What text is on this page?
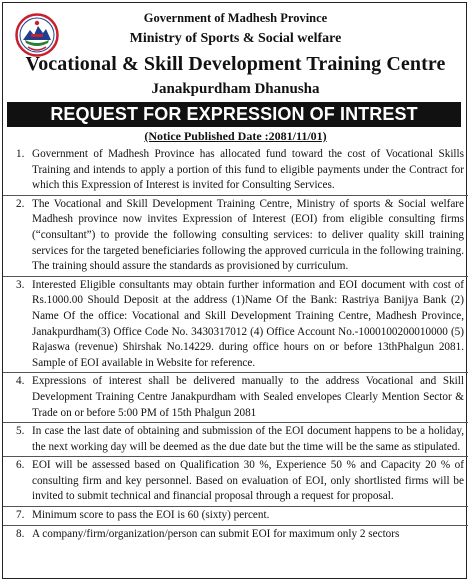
Government of Madhesh Province
Ministry of Sports & Social welfare
Vocational & Skill Development Training Centre
Janakpurdham Dhanusha
REQUEST FOR EXPRESSION OF INTREST
(Notice Published Date :2081/11/01)
1. Government of Madhesh Province has allocated fund toward the cost of Vocational Skills Training and intends to apply a portion of this fund to eligible payments under the Contract for which this Expression of Interest is invited for Consulting Services.
2. The Vocational and Skill Development Training Centre, Ministry of sports & Social welfare Madhesh province now invites Expression of Interest (EOI) from eligible consulting firms (“consultant”) to provide the following consulting services: to deliver quality skill training services for the targeted beneficiaries following the approved curricula in the following training. The training should assure the standards as provisioned by curriculum.
3. Interested Eligible consultants may obtain further information and EOI document with cost of Rs.1000.00 Should Deposit at the address (1)Name Of the Bank: Rastriya Banijya Bank (2) Name Of the office: Vocational and Skill Development Training Centre, Madhesh Province, Janakpurdham(3) Office Code No. 3430317012 (4) Office Account No.-1000100200010000 (5) Rajaswa (revenue) Shirshak No.14229. during office hours on or before 13thPhalgun 2081. Sample of EOI available in Website for reference.
4. Expressions of interest shall be delivered manually to the address Vocational and Skill Development Training Centre Janakpurdham with Sealed envelopes Clearly Mention Sector & Trade on or before 5:00 PM of 15th Phalgun 2081
5. In case the last date of obtaining and submission of the EOI document happens to be a holiday, the next working day will be deemed as the due date but the time will be the same as stipulated.
6. EOI will be assessed based on Qualification 30 %, Experience 50 % and Capacity 20 % of consulting firm and key personnel. Based on evaluation of EOI, only shortlisted firms will be invited to submit technical and financial proposal through a request for proposal.
7. Minimum score to pass the EOI is 60 (sixty) percent.
8. A company/firm/organization/person can submit EOI for maximum only 2 sectors
